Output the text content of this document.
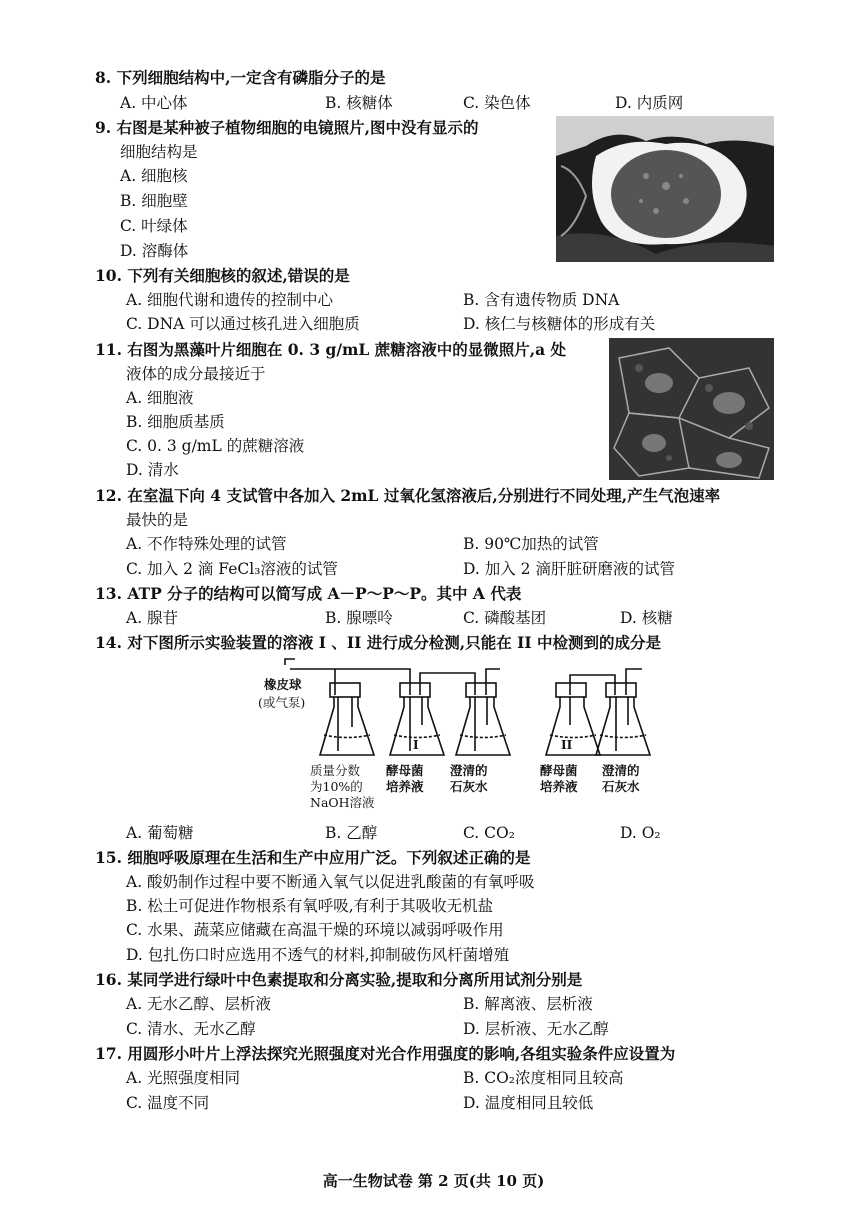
8. 下列细胞结构中,一定含有磷脂分子的是
A. 中心体	B. 核糖体	C. 染色体	D. 内质网
9. 右图是某种被子植物细胞的电镜照片,图中没有显示的
细胞结构是
A. 细胞核
B. 细胞壁
C. 叶绿体
D. 溶酶体
10. 下列有关细胞核的叙述,错误的是
A. 细胞代谢和遗传的控制中心	B. 含有遗传物质 DNA
C. DNA 可以通过核孔进入细胞质	D. 核仁与核糖体的形成有关
11. 右图为黑藻叶片细胞在 0. 3 g/mL 蔗糖溶液中的显微照片,a 处
液体的成分最接近于
A. 细胞液
B. 细胞质基质
C. 0. 3 g/mL 的蔗糖溶液
D. 清水
12. 在室温下向 4 支试管中各加入 2mL 过氧化氢溶液后,分别进行不同处理,产生气泡速率
最快的是
A. 不作特殊处理的试管	B. 90℃加热的试管
C. 加入 2 滴 FeCl₃溶液的试管	D. 加入 2 滴肝脏研磨液的试管
13. ATP 分子的结构可以简写成 A－P～P～P。其中 A 代表
A. 腺苷	B. 腺嘌呤	C. 磷酸基团	D. 核糖
14. 对下图所示实验装置的溶液 I 、II 进行成分检测,只能在 II 中检测到的成分是
橡皮球
(或气泵)
I	II
质量分数
为10%的
NaOH溶液
酵母菌
培养液
澄清的
石灰水
酵母菌
培养液
澄清的
石灰水
A. 葡萄糖	B. 乙醇	C. CO₂	D. O₂
15. 细胞呼吸原理在生活和生产中应用广泛。下列叙述正确的是
A. 酸奶制作过程中要不断通入氧气以促进乳酸菌的有氧呼吸
B. 松土可促进作物根系有氧呼吸,有利于其吸收无机盐
C. 水果、蔬菜应储藏在高温干燥的环境以减弱呼吸作用
D. 包扎伤口时应选用不透气的材料,抑制破伤风杆菌增殖
16. 某同学进行绿叶中色素提取和分离实验,提取和分离所用试剂分别是
A. 无水乙醇、层析液	B. 解离液、层析液
C. 清水、无水乙醇	D. 层析液、无水乙醇
17. 用圆形小叶片上浮法探究光照强度对光合作用强度的影响,各组实验条件应设置为
A. 光照强度相同	B. CO₂浓度相同且较高
C. 温度不同	D. 温度相同且较低
高一生物试卷 第 2 页(共 10 页)
